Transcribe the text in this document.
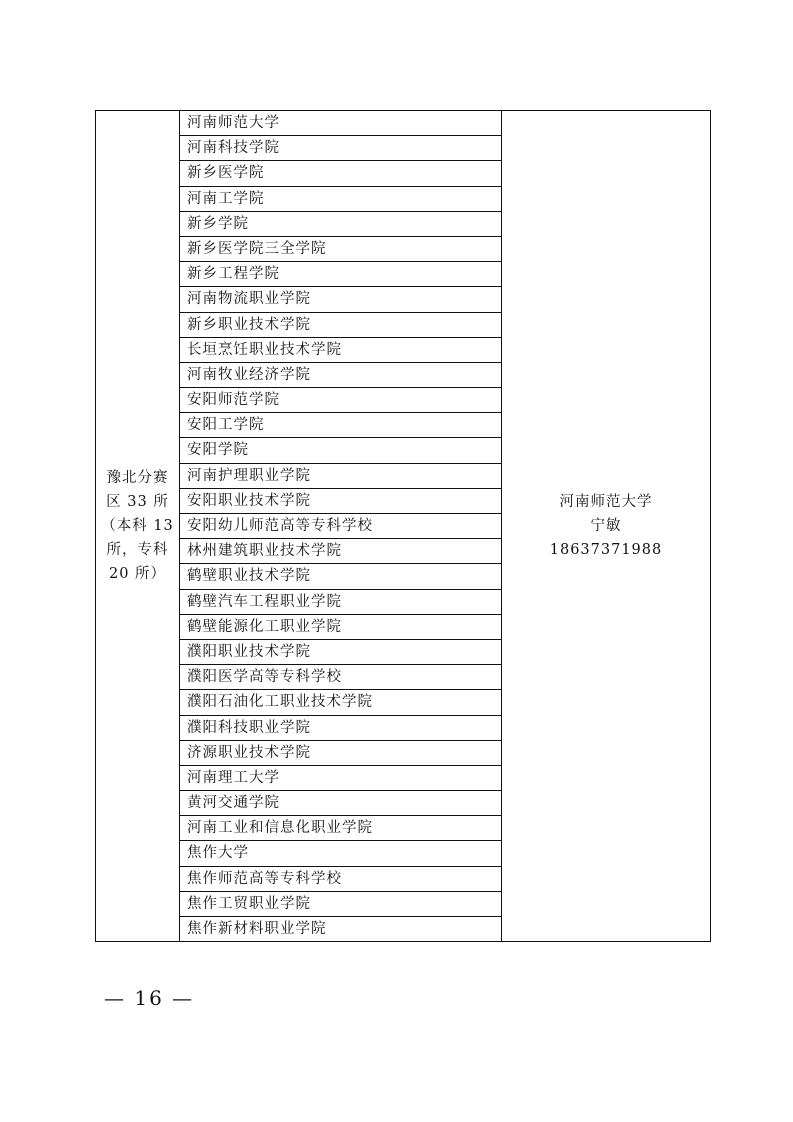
豫北分赛
区 33 所
（本科 13
所，专科
20 所）
河南师范大学
河南科技学院
新乡医学院
河南工学院
新乡学院
新乡医学院三全学院
新乡工程学院
河南物流职业学院
新乡职业技术学院
长垣烹饪职业技术学院
河南牧业经济学院
安阳师范学院
安阳工学院
安阳学院
河南护理职业学院
安阳职业技术学院
安阳幼儿师范高等专科学校
林州建筑职业技术学院
鹤壁职业技术学院
鹤壁汽车工程职业学院
鹤壁能源化工职业学院
濮阳职业技术学院
濮阳医学高等专科学校
濮阳石油化工职业技术学院
濮阳科技职业学院
济源职业技术学院
河南理工大学
黄河交通学院
河南工业和信息化职业学院
焦作大学
焦作师范高等专科学校
焦作工贸职业学院
焦作新材料职业学院
河南师范大学
宁敏
18637371988
— 16 —
